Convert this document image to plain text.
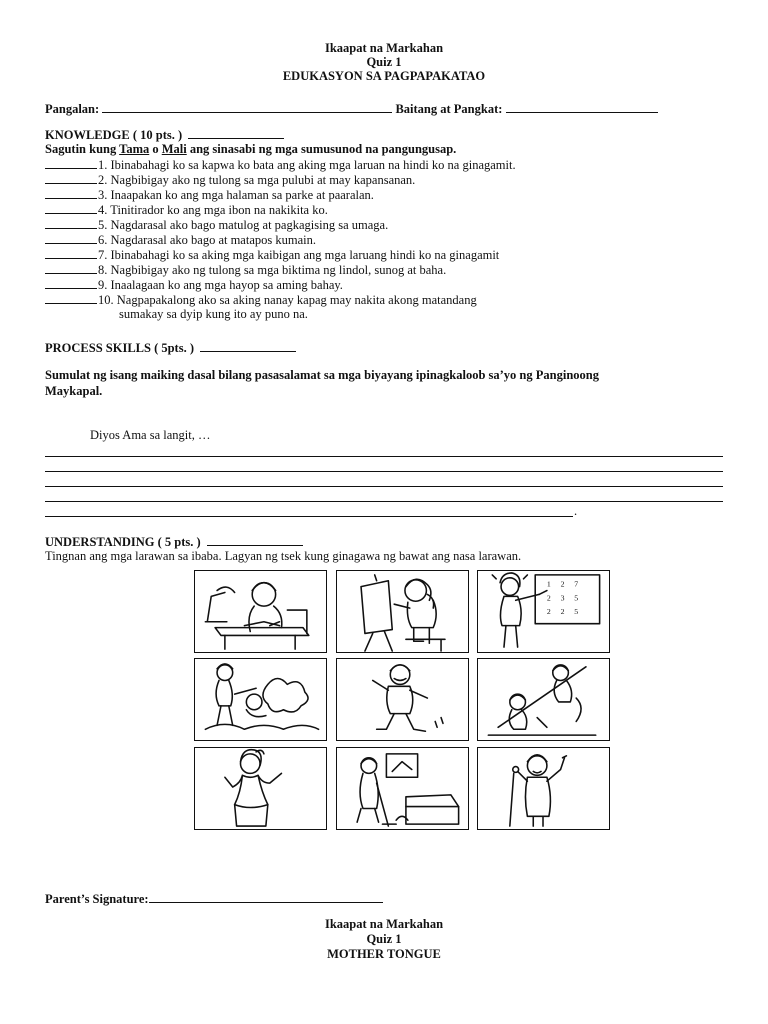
Ikaapat na Markahan
Quiz 1
EDUKASYON SA PAGPAPAKATAO
Pangalan:	Baitang at Pangkat:
KNOWLEDGE ( 10 pts. )
Sagutin kung Tama o Mali ang sinasabi ng mga sumusunod na pangungusap.
1. Ibinabahagi ko sa kapwa ko bata ang aking mga laruan na hindi ko na ginagamit.
2. Nagbibigay ako ng tulong sa mga pulubi at may kapansanan.
3. Inaapakan ko ang mga halaman sa parke at paaralan.
4. Tinitirador ko ang mga ibon na nakikita ko.
5. Nagdarasal ako bago matulog at pagkagising sa umaga.
6. Nagdarasal ako bago at matapos kumain.
7. Ibinabahagi ko sa aking mga kaibigan ang mga laruang hindi ko na ginagamit
8. Nagbibigay ako ng tulong sa mga biktima ng lindol, sunog at baha.
9. Inaalagaan ko ang mga hayop sa aming bahay.
10. Nagpapakalong ako sa aking nanay kapag may nakita akong matandang
sumakay sa dyip kung ito ay puno na.
PROCESS SKILLS ( 5pts. )
Sumulat ng isang maiking dasal bilang pasasalamat sa mga biyayang ipinagkaloob sa’yo ng Panginoong
Maykapal.
Diyos Ama sa langit, …
.
UNDERSTANDING ( 5 pts. )
Tingnan ang mga larawan sa ibaba. Lagyan ng tsek kung ginagawa ng bawat ang nasa larawan.
1 2 7
2 3 5
2 2 5
Parent’s Signature:
Ikaapat na Markahan
Quiz 1
MOTHER TONGUE
